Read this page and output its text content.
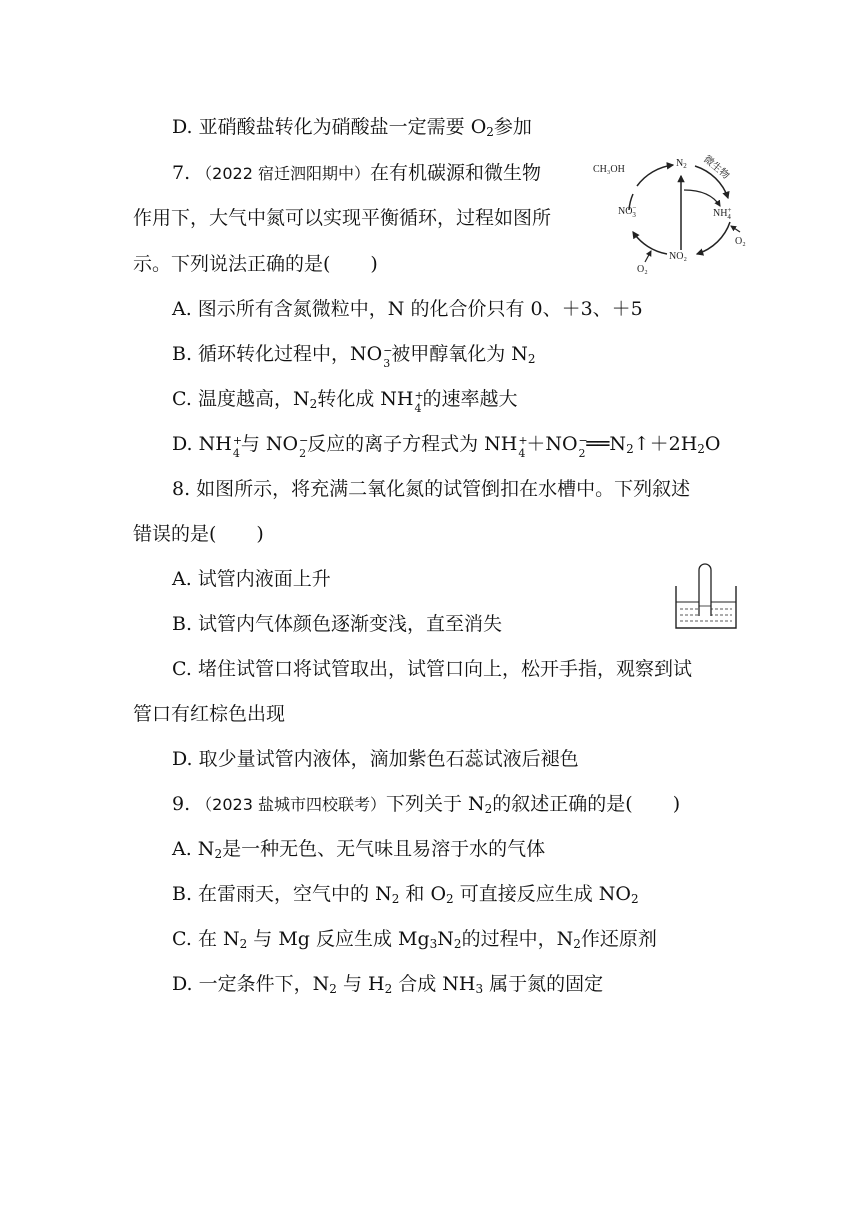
D. 亚硝酸盐转化为硝酸盐一定需要 $O_2$参加
7. （2022 宿迁泗阳期中）在有机碳源和微生物
作用下，大气中氮可以实现平衡循环，过程如图所
示。下列说法正确的是( )
CH₃OH
$N_2$ 微生物
NO− 3	NH+ 4
O₂
NO₂
O₂
A. 图示所有含氮微粒中，N 的化合价只有 0、＋3、＋5
B. 循环转化过程中，NO −
3 被甲醇氧化为 $N_2$
C. 温度越高，$N_2$转化成 NH +
4 的速率越大
D. NH +
4 与 NO −
2 反应的离子方程式为 NH +
4 ＋NO −
2 $══N_2↑+2H_2O$
8. 如图所示，将充满二氧化氮的试管倒扣在水槽中。下列叙述
错误的是( )
A. 试管内液面上升
B. 试管内气体颜色逐渐变浅，直至消失
C. 堵住试管口将试管取出，试管口向上，松开手指，观察到试
管口有红棕色出现
D. 取少量试管内液体，滴加紫色石蕊试液后褪色
9. （2023 盐城市四校联考）下列关于 $N_2$的叙述正确的是( )
A. $N_2$是一种无色、无气味且易溶于水的气体
B. 在雷雨天，空气中的 $N_2$ 和 $O_2$ 可直接反应生成 $NO_2$
C. 在 $N_2$ 与 Mg 反应生成 $Mg_3N_2$的过程中，$N_2$作还原剂
D. 一定条件下，$N_2$ 与 $H_2$ 合成 $NH_3$ 属于氮的固定
